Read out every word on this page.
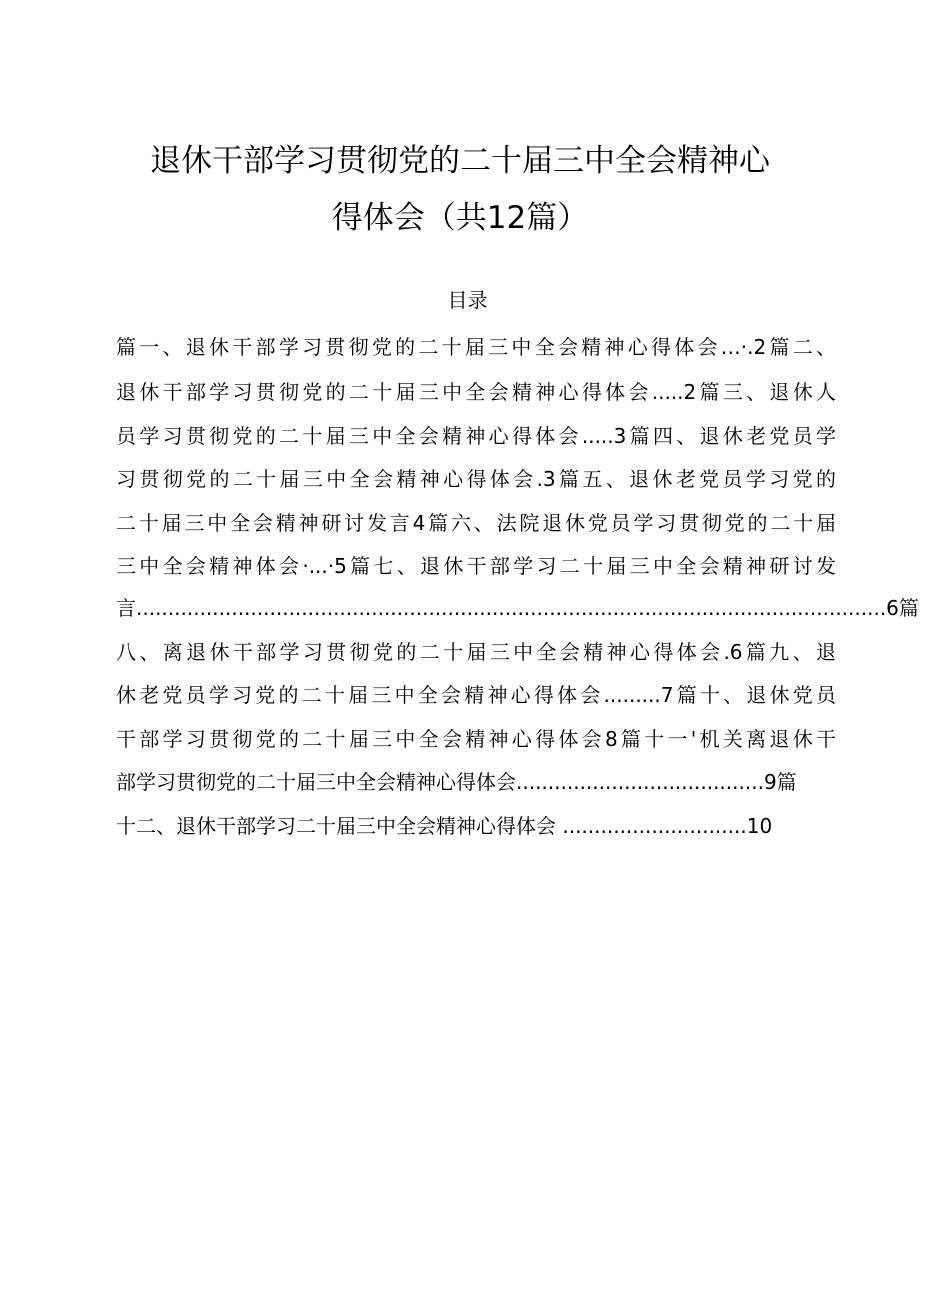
退休干部学习贯彻党的二十届三中全会精神心
得体会（共12篇）
目录
篇一、退休干部学习贯彻党的二十届三中全会精神心得体会…·.2篇二、
退休干部学习贯彻党的二十届三中全会精神心得体会.....2篇三、退休人
员学习贯彻党的二十届三中全会精神心得体会.....3篇四、退休老党员学
习贯彻党的二十届三中全会精神心得体会.3篇五、退休老党员学习党的
二十届三中全会精神研讨发言4篇六、法院退休党员学习贯彻党的二十届
三中全会精神体会·...·5篇七、退休干部学习二十届三中全会精神研讨发
言......................................................................................................................6篇
八、离退休干部学习贯彻党的二十届三中全会精神心得体会.6篇九、退
休老党员学习党的二十届三中全会精神心得体会.........7篇十、退休党员
干部学习贯彻党的二十届三中全会精神心得体会8篇十一'机关离退休干
部学习贯彻党的二十届三中全会精神心得体会.......................................9篇
十二、退休干部学习二十届三中全会精神心得体会 .............................10
